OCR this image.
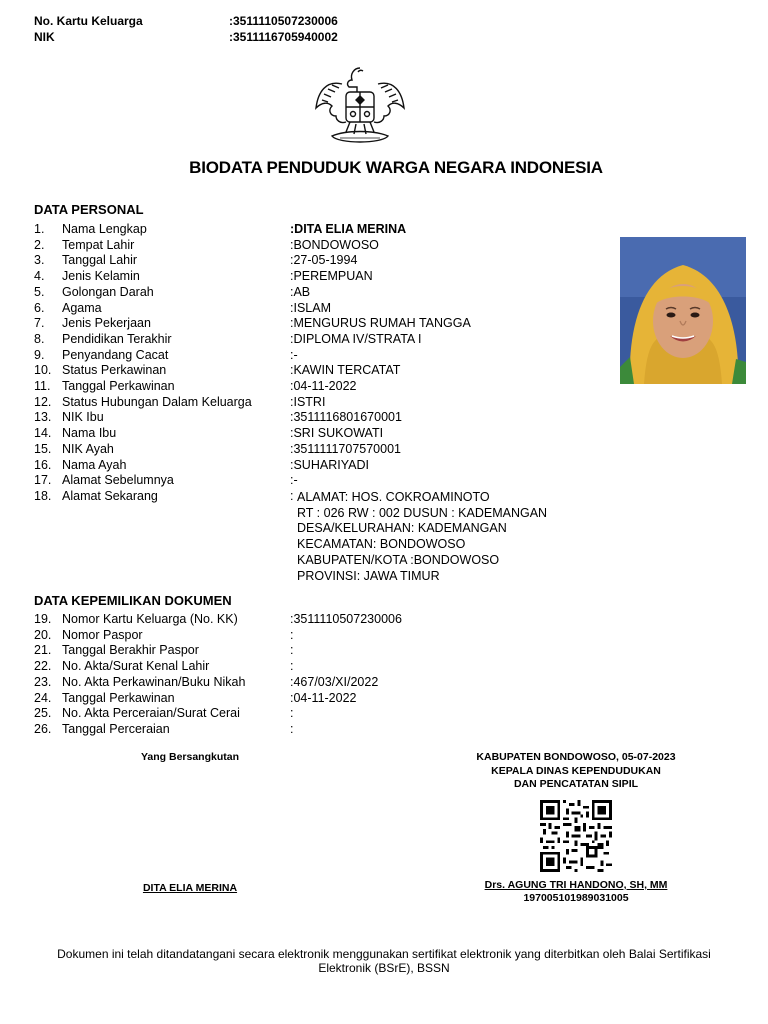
No. Kartu Keluarga	:3511110507230006
NIK	:3511116705940002
BIODATA PENDUDUK WARGA NEGARA INDONESIA
DATA PERSONAL
1. Nama Lengkap	:DITA ELIA MERINA
2. Tempat Lahir	:BONDOWOSO
3. Tanggal Lahir	:27-05-1994
4. Jenis Kelamin	:PEREMPUAN
5. Golongan Darah	:AB
6. Agama	:ISLAM
7. Jenis Pekerjaan	:MENGURUS RUMAH TANGGA
8. Pendidikan Terakhir	:DIPLOMA IV/STRATA I
9. Penyandang Cacat	:-
10. Status Perkawinan	:KAWIN TERCATAT
11. Tanggal Perkawinan	:04-11-2022
12. Status Hubungan Dalam Keluarga	:ISTRI
13. NIK Ibu	:3511116801670001
14. Nama Ibu	:SRI SUKOWATI
15. NIK Ayah	:3511111707570001
16. Nama Ayah	:SUHARIYADI
17. Alamat Sebelumnya	:-
18. Alamat Sekarang	: ALAMAT: HOS. COKROAMINOTO
RT : 026 RW : 002 DUSUN : KADEMANGAN
DESA/KELURAHAN: KADEMANGAN
KECAMATAN: BONDOWOSO
KABUPATEN/KOTA :BONDOWOSO
PROVINSI: JAWA TIMUR
DATA KEPEMILIKAN DOKUMEN
19. Nomor Kartu Keluarga (No. KK)	:3511110507230006
20. Nomor Paspor	:
21. Tanggal Berakhir Paspor	:
22. No. Akta/Surat Kenal Lahir	:
23. No. Akta Perkawinan/Buku Nikah	:467/03/XI/2022
24. Tanggal Perkawinan	:04-11-2022
25. No. Akta Perceraian/Surat Cerai	:
26. Tanggal Perceraian	:
Yang Bersangkutan
DITA ELIA MERINA
KABUPATEN BONDOWOSO, 05-07-2023
KEPALA DINAS KEPENDUDUKAN
DAN PENCATATAN SIPIL
Drs. AGUNG TRI HANDONO, SH, MM
197005101989031005
Dokumen ini telah ditandatangani secara elektronik menggunakan sertifikat elektronik yang diterbitkan oleh Balai Sertifikasi
Elektronik (BSrE), BSSN
